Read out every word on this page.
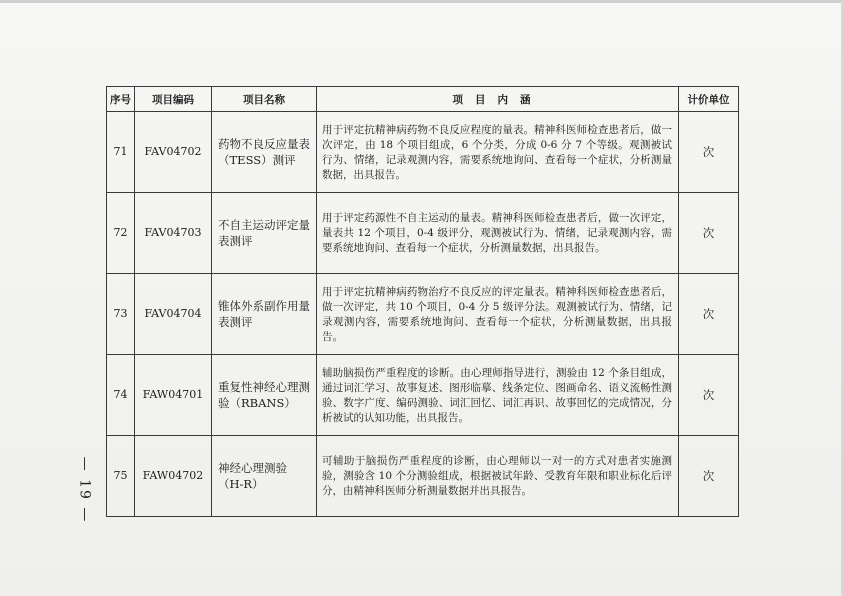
序号	项目编码	项目名称	项目内涵	计价单位
71	FAV04702	药物不良反应量表（TESS）测评	用于评定抗精神病药物不良反应程度的量表。精神科医师检查患者后，做一次评定，由 18 个项目组成，6 个分类，分成 0-6 分 7 个等级。观测被试行为、情绪，记录观测内容，需要系统地询问、查看每一个症状，分析测量数据，出具报告。	次
72	FAV04703	不自主运动评定量表测评	用于评定药源性不自主运动的量表。精神科医师检查患者后，做一次评定，量表共 12 个项目，0-4 级评分，观测被试行为、情绪，记录观测内容，需要系统地询问、查看每一个症状，分析测量数据，出具报告。	次
73	FAV04704	锥体外系副作用量表测评	用于评定抗精神病药物治疗不良反应的评定量表。精神科医师检查患者后，做一次评定，共 10 个项目，0-4 分 5 级评分法。观测被试行为、情绪，记录观测内容，需要系统地询问、查看每一个症状，分析测量数据，出具报告。	次
74	FAW04701	重复性神经心理测验（RBANS）	辅助脑损伤严重程度的诊断。由心理师指导进行，测验由 12 个条目组成，通过词汇学习、故事复述、图形临摹、线条定位、图画命名、语义流畅性测验、数字广度、编码测验、词汇回忆、词汇再识、故事回忆的完成情况，分析被试的认知功能，出具报告。	次
75	FAW04702	神经心理测验（H-R）	可辅助于脑损伤严重程度的诊断，由心理师以一对一的方式对患者实施测验，测验含 10 个分测验组成，根据被试年龄、受教育年限和职业标化后评分，由精神科医师分析测量数据并出具报告。	次
— 19 —
